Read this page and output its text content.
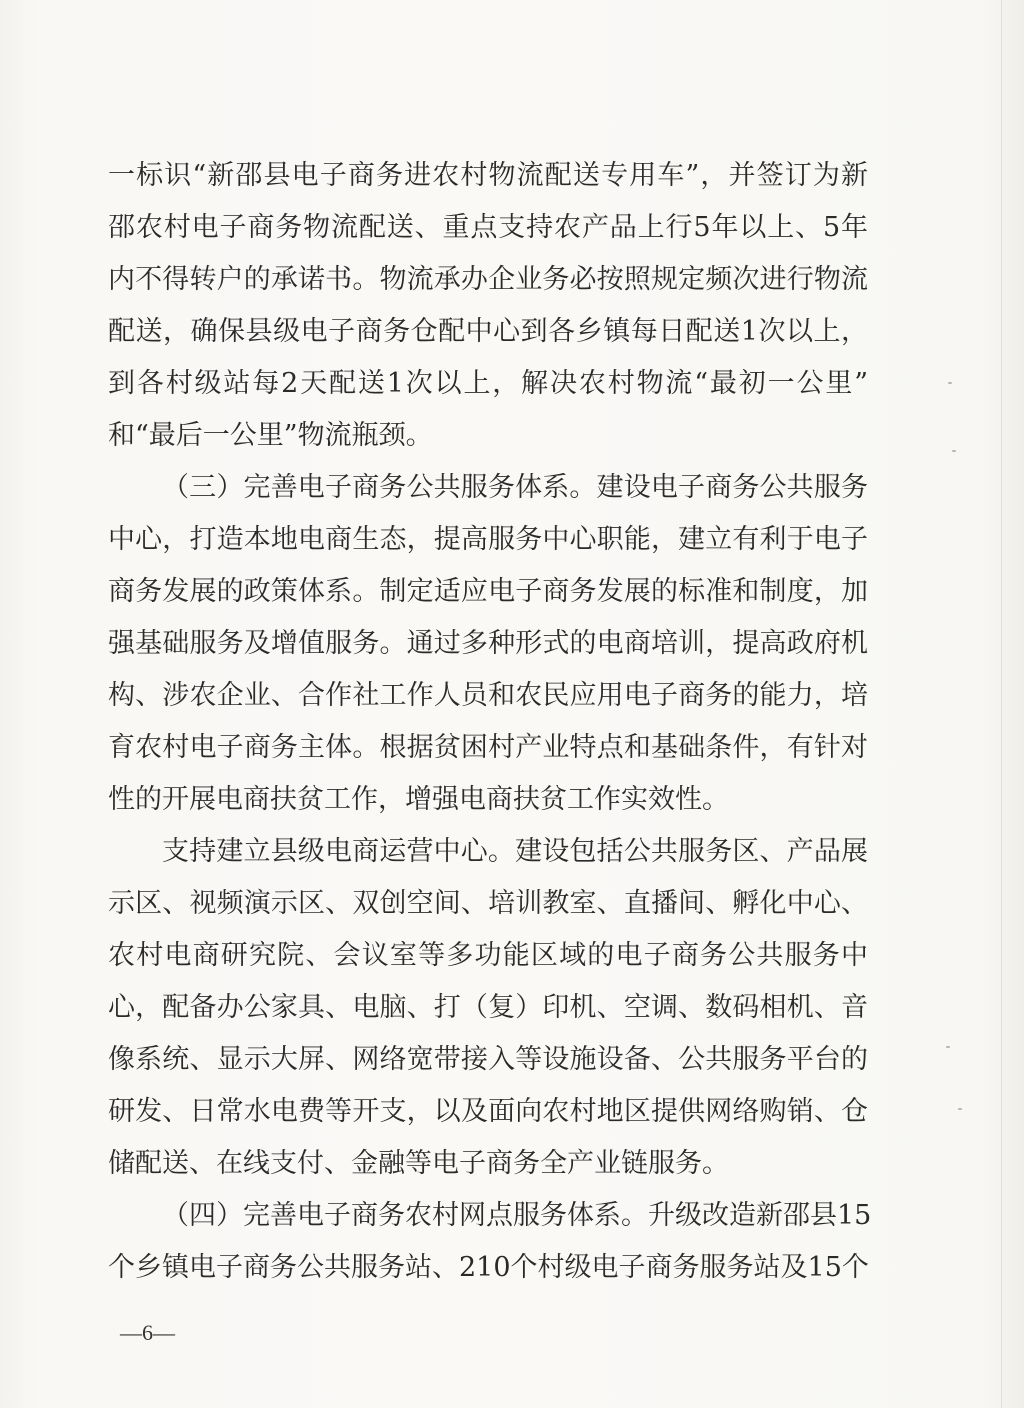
一标识“新邵县电子商务进农村物流配送专用车”，并签订为新
邵农村电子商务物流配送、重点支持农产品上行5年以上、5年
内不得转户的承诺书。物流承办企业务必按照规定频次进行物流
配送，确保县级电子商务仓配中心到各乡镇每日配送1次以上，
到各村级站每2天配送1次以上，解决农村物流“最初一公里”
和“最后一公里”物流瓶颈。
（三）完善电子商务公共服务体系。建设电子商务公共服务
中心，打造本地电商生态，提高服务中心职能，建立有利于电子
商务发展的政策体系。制定适应电子商务发展的标准和制度，加
强基础服务及增值服务。通过多种形式的电商培训，提高政府机
构、涉农企业、合作社工作人员和农民应用电子商务的能力，培
育农村电子商务主体。根据贫困村产业特点和基础条件，有针对
性的开展电商扶贫工作，增强电商扶贫工作实效性。
支持建立县级电商运营中心。建设包括公共服务区、产品展
示区、视频演示区、双创空间、培训教室、直播间、孵化中心、
农村电商研究院、会议室等多功能区域的电子商务公共服务中
心，配备办公家具、电脑、打（复）印机、空调、数码相机、音
像系统、显示大屏、网络宽带接入等设施设备、公共服务平台的
研发、日常水电费等开支，以及面向农村地区提供网络购销、仓
储配送、在线支付、金融等电子商务全产业链服务。
（四）完善电子商务农村网点服务体系。升级改造新邵县15
个乡镇电子商务公共服务站、210个村级电子商务服务站及15个
—6—
